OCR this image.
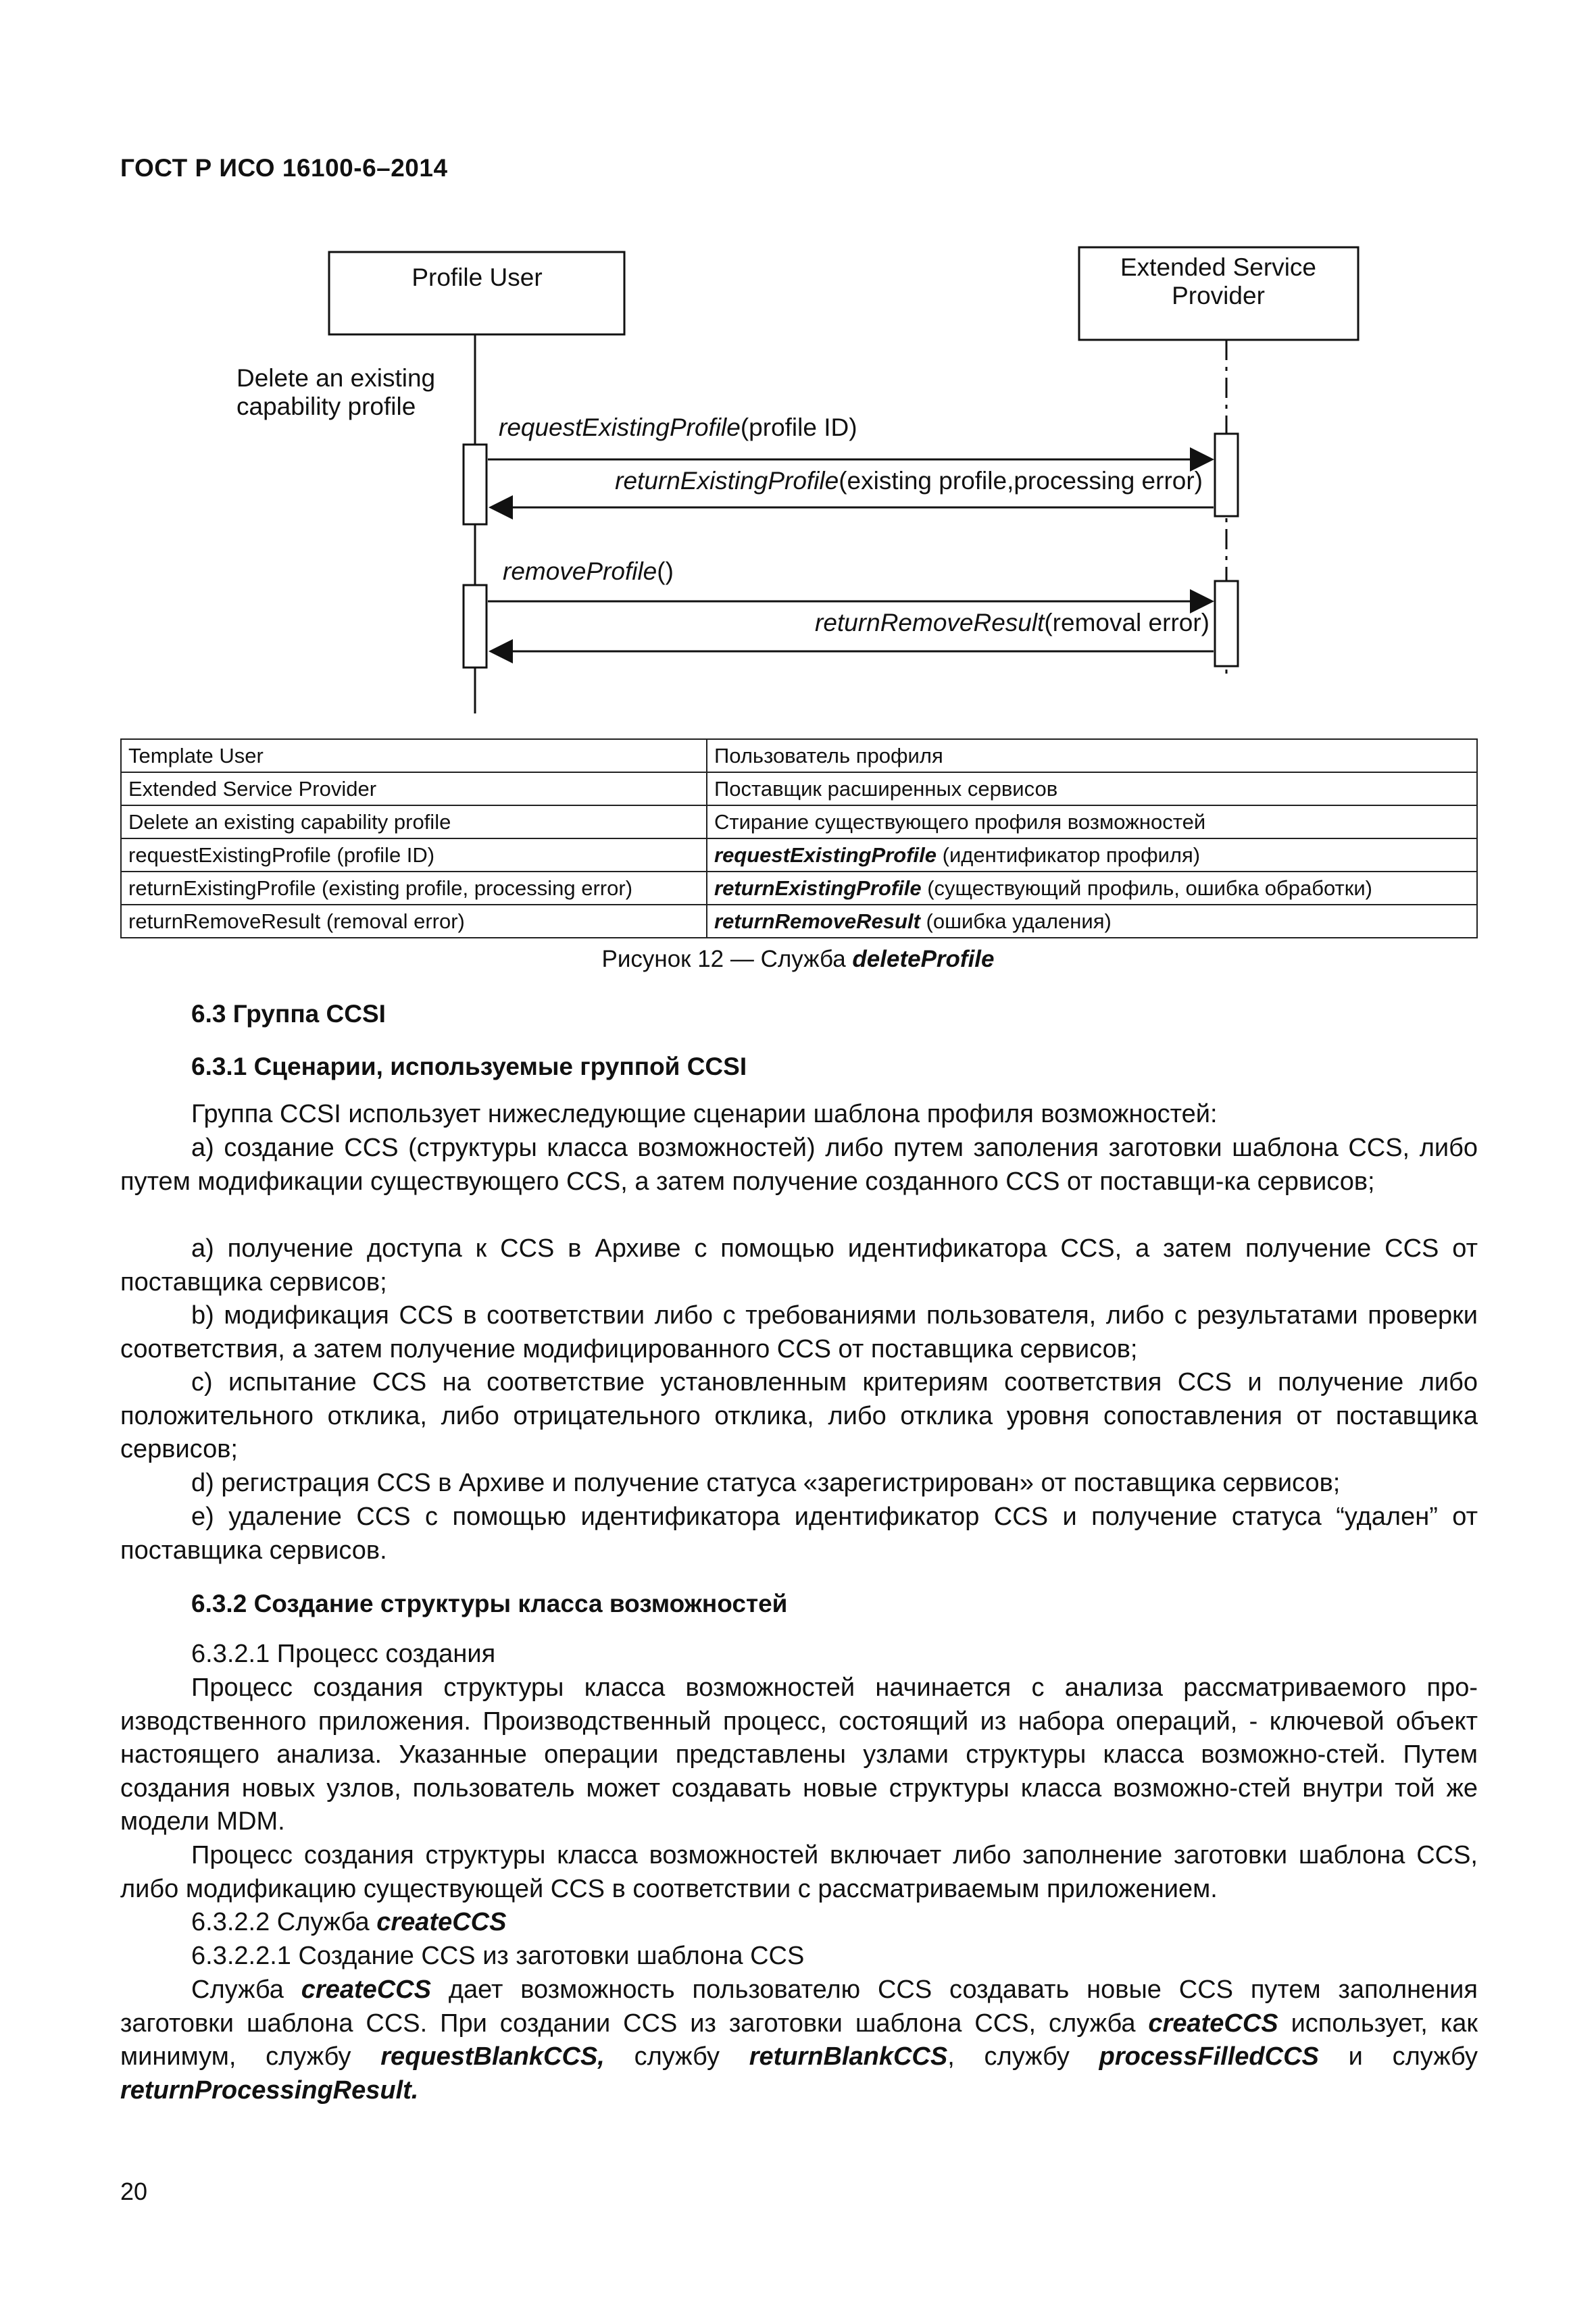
ГОСТ Р ИСО 16100-6–2014
Profile User	Extended Service
Provider
Delete an existing
capability profile
requestExistingProfile(profile ID)
returnExistingProfile(existing profile,processing error)
removeProfile()
returnRemoveResult(removal error)
Template User	Пользователь профиля
Extended Service Provider	Поставщик расширенных сервисов
Delete an existing capability profile	Стирание существующего профиля возможностей
requestExistingProfile (profile ID)	requestExistingProfile (идентификатор профиля)
returnExistingProfile (existing profile, processing error)	returnExistingProfile (существующий профиль, ошибка обработки)
returnRemoveResult (removal error)	returnRemoveResult (ошибка удаления)
Рисунок 12 — Служба deleteProfile
6.3 Группа CCSI
6.3.1 Сценарии, используемые группой CCSI
Группа CCSI использует нижеследующие сценарии шаблона профиля возможностей:
а) создание CCS (структуры класса возможностей) либо путем заполения заготовки шаблона CCS, либо путем модификации существующего CCS, а затем получение созданного CCS от поставщи-ка сервисов;
a) получение доступа к CCS в Архиве с помощью идентификатора CCS, а затем получение CCS от поставщика сервисов;
b) модификация CCS в соответствии либо с требованиями пользователя, либо с результатами проверки соответствия, а затем получение модифицированного CCS от поставщика сервисов;
c) испытание CCS на соответствие установленным критериям соответствия CCS и получение либо положительного отклика, либо отрицательного отклика, либо отклика уровня сопоставления от поставщика сервисов;
d) регистрация CCS в Архиве и получение статуса «зарегистрирован» от поставщика сервисов;
e) удаление CCS с помощью идентификатора идентификатор CCS и получение статуса “удален” от поставщика сервисов.
6.3.2 Создание структуры класса возможностей
6.3.2.1 Процесс создания
Процесс создания структуры класса возможностей начинается с анализа рассматриваемого про-изводственного приложения. Производственный процесс, состоящий из набора операций, - ключевой объект настоящего анализа. Указанные операции представлены узлами структуры класса возможно-стей. Путем создания новых узлов, пользователь может создавать новые структуры класса возможно-стей внутри той же модели MDM.
Процесс создания структуры класса возможностей включает либо заполнение заготовки шаблона CCS, либо модификацию существующей CCS в соответствии с рассматриваемым приложением.
6.3.2.2 Служба createCCS
6.3.2.2.1 Создание CCS из заготовки шаблона CCS
Служба createCCS дает возможность пользователю CCS создавать новые CCS путем заполнения заготовки шаблона CCS. При создании CCS из заготовки шаблона CCS, служба createCCS использует, как минимум, службу requestBlankCCS, службу returnBlankCCS, службу processFilledCCS и службу returnProcessingResult.
20
